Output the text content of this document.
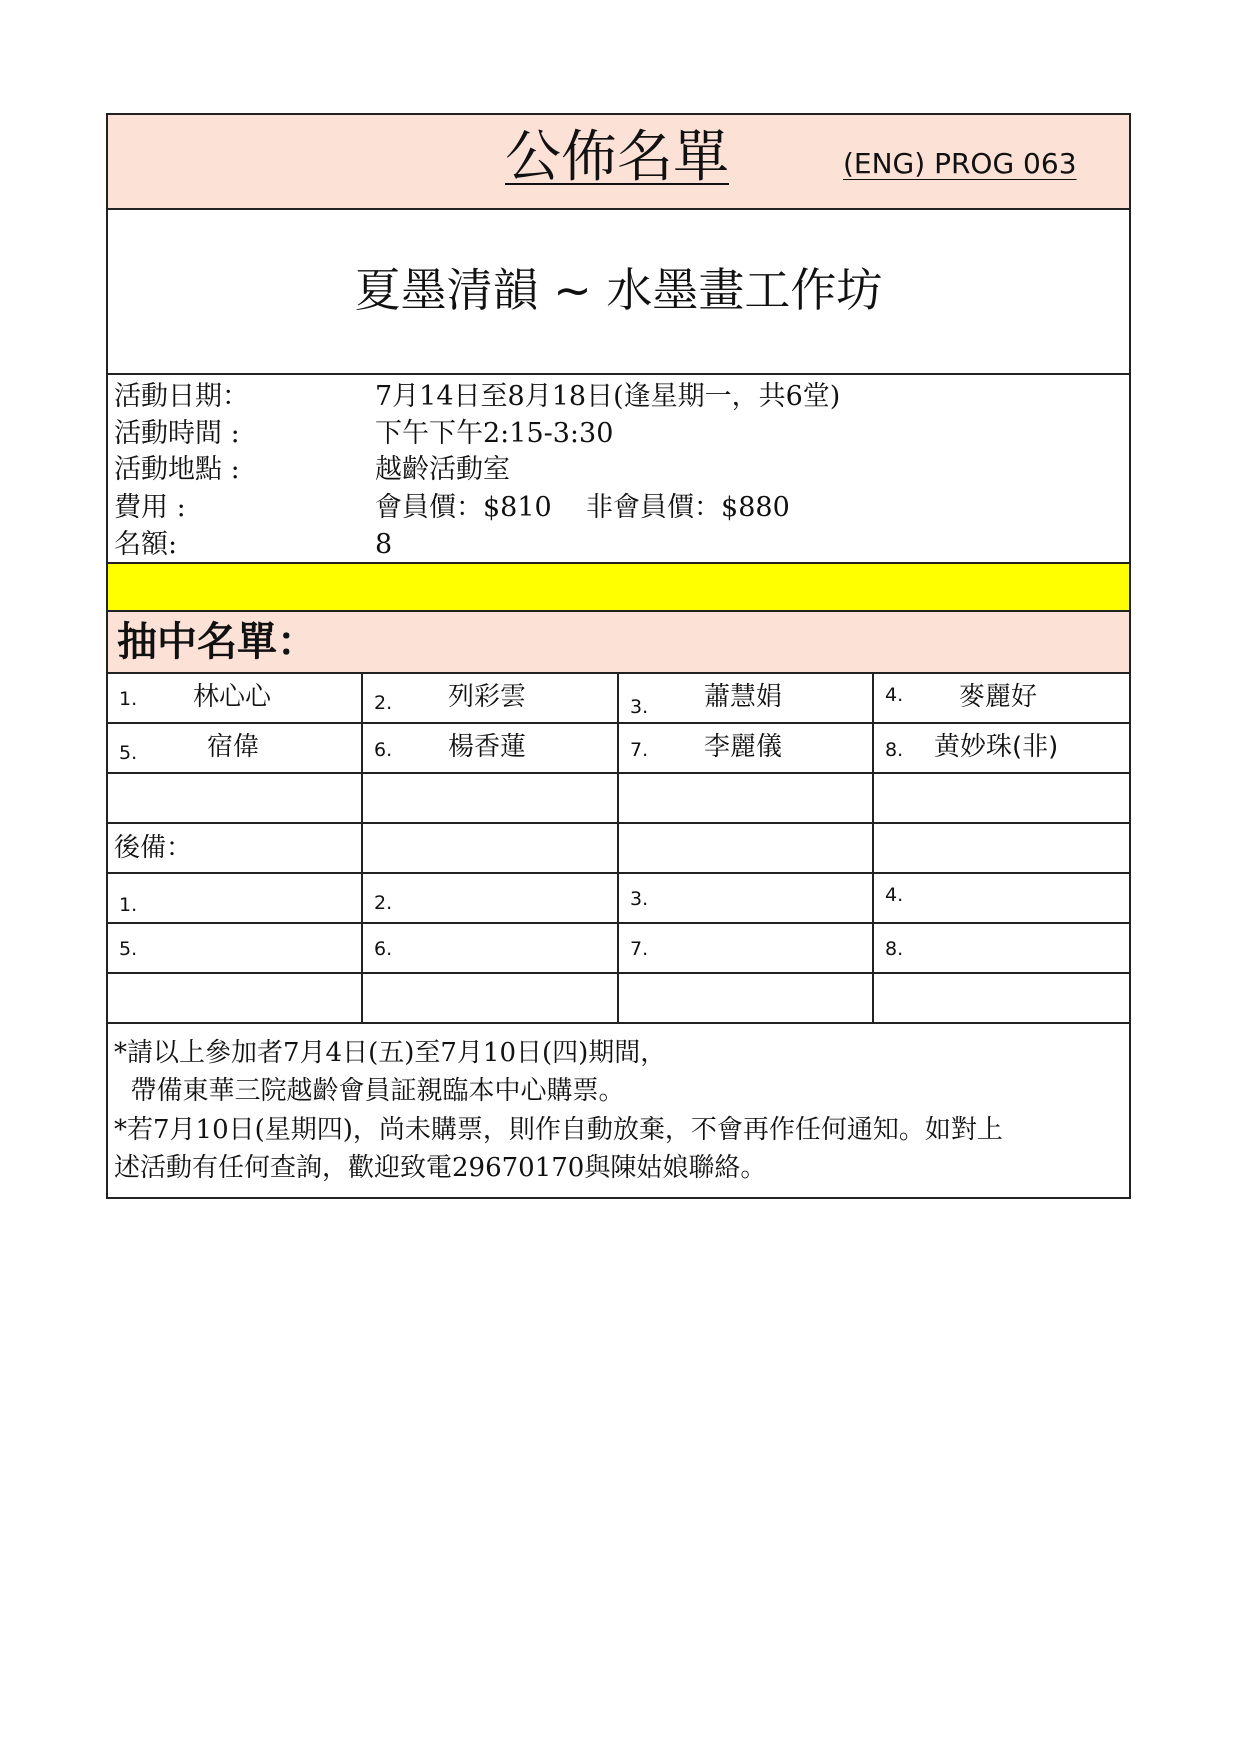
公佈名單	(ENG) PROG 063
夏墨清韻 ~ 水墨畫工作坊
活動日期：	7月14日至8月18日(逢星期一，共6堂)
活動時間 :	下午下午2:15-3:30
活動地點 :	越齡活動室
費用 :	會員價：$810    非會員價：$880
名額:	8
抽中名單：
1. 林心心	2. 列彩雲	3. 蕭慧娟	4. 麥麗好
5.	宿偉	6. 楊香蓮	7. 李麗儀	8. 黄妙珠(非)
後備：
1.	2.	3.	4.
5.	6.	7.	8.
*請以上參加者7月4日(五)至7月10日(四)期間，
帶備東華三院越齡會員証親臨本中心購票。
*若7月10日(星期四)，尚未購票，則作自動放棄，不會再作任何通知。如對上
述活動有任何查詢，歡迎致電29670170與陳姑娘聯絡。
